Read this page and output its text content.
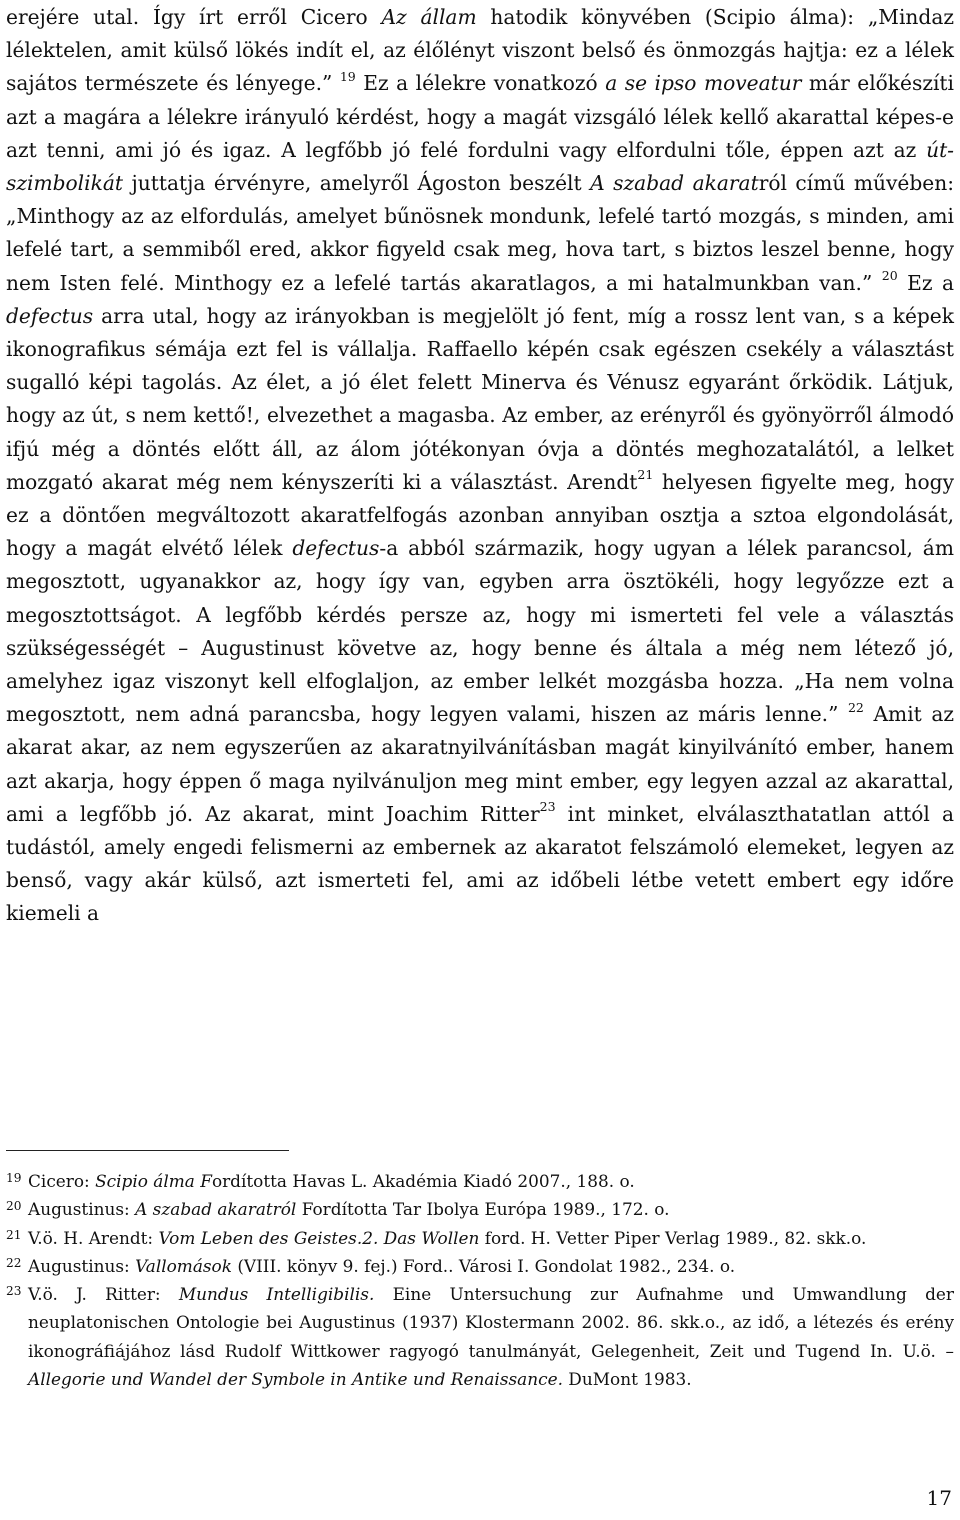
erejére utal. Így írt erről Cicero Az állam hatodik könyvében (Scipio álma): „Mindaz lélektelen, amit külső lökés indít el, az élőlényt viszont belső és önmozgás hajtja: ez a lélek sajátos természete és lényege.” $^{19}$ Ez a lélekre vonatkozó a se ipso moveatur már előkészíti azt a magára a lélekre irányuló kérdést, hogy a magát vizsgáló lélek kellő akarattal képes-e azt tenni, ami jó és igaz. A legfőbb jó felé fordulni vagy elfordulni tőle, éppen azt az út-szimbolikát juttatja érvényre, amelyről Ágoston beszélt A szabad akaratról című művében: „Minthogy az az elfordulás, amelyet bűnösnek mondunk, lefelé tartó mozgás, s minden, ami lefelé tart, a semmiből ered, akkor figyeld csak meg, hova tart, s biztos leszel benne, hogy nem Isten felé. Minthogy ez a lefelé tartás akaratlagos, a mi hatalmunkban van.” $^{20}$ Ez a defectus arra utal, hogy az irányokban is megjelölt jó fent, míg a rossz lent van, s a képek ikonografikus sémája ezt fel is vállalja. Raffaello képén csak egészen csekély a választást sugalló képi tagolás. Az élet, a jó élet felett Minerva és Vénusz egyaránt őrködik. Látjuk, hogy az út, s nem kettő!, elvezethet a magasba. Az ember, az erényről és gyönyörről álmodó ifjú még a döntés előtt áll, az álom jótékonyan óvja a döntés meghozatalától, a lelket mozgató akarat még nem kényszeríti ki a választást. Arendt$^{21}$ helyesen figyelte meg, hogy ez a döntően megváltozott akaratfelfogás azonban annyiban osztja a sztoa elgondolását, hogy a magát elvétő lélek defectus-a abból származik, hogy ugyan a lélek parancsol, ám megosztott, ugyanakkor az, hogy így van, egyben arra ösztökéli, hogy legyőzze ezt a megosztottságot. A legfőbb kérdés persze az, hogy mi ismerteti fel vele a választás szükségességét – Augustinust követve az, hogy benne és általa a még nem létező jó, amelyhez igaz viszonyt kell elfoglaljon, az ember lelkét mozgásba hozza. „Ha nem volna megosztott, nem adná parancsba, hogy legyen valami, hiszen az máris lenne.” $^{22}$ Amit az akarat akar, az nem egyszerűen az akaratnyilvánításban magát kinyilvánító ember, hanem azt akarja, hogy éppen ő maga nyilvánuljon meg mint ember, egy legyen azzal az akarattal, ami a legfőbb jó. Az akarat, mint Joachim Ritter$^{23}$ int minket, elválaszthatatlan attól a tudástól, amely engedi felismerni az embernek az akaratot felszámoló elemeket, legyen az benső, vagy akár külső, azt ismerteti fel, ami az időbeli létbe vetett embert egy időre kiemeli a

19 Cicero: Scipio álma Fordította Havas L. Akadémia Kiadó 2007., 188. o.

20 Augustinus: A szabad akaratról Fordította Tar Ibolya Európa 1989., 172. o.

21 V.ö. H. Arendt: Vom Leben des Geistes.2. Das Wollen ford. H. Vetter Piper Verlag 1989., 82. skk.o.

22 Augustinus: Vallomások (VIII. könyv 9. fej.) Ford.. Városi I. Gondolat 1982., 234. o.

23 V.ö. J. Ritter: Mundus Intelligibilis. Eine Untersuchung zur Aufnahme und Umwandlung der neuplatonischen Ontologie bei Augustinus (1937) Klostermann 2002. 86. skk.o., az idő, a létezés és erény ikonográfiájához lásd Rudolf Wittkower ragyogó tanulmányát, Gelegenheit, Zeit und Tugend In. U.ö. – Allegorie und Wandel der Symbole in Antike und Renaissance. DuMont 1983.

17
